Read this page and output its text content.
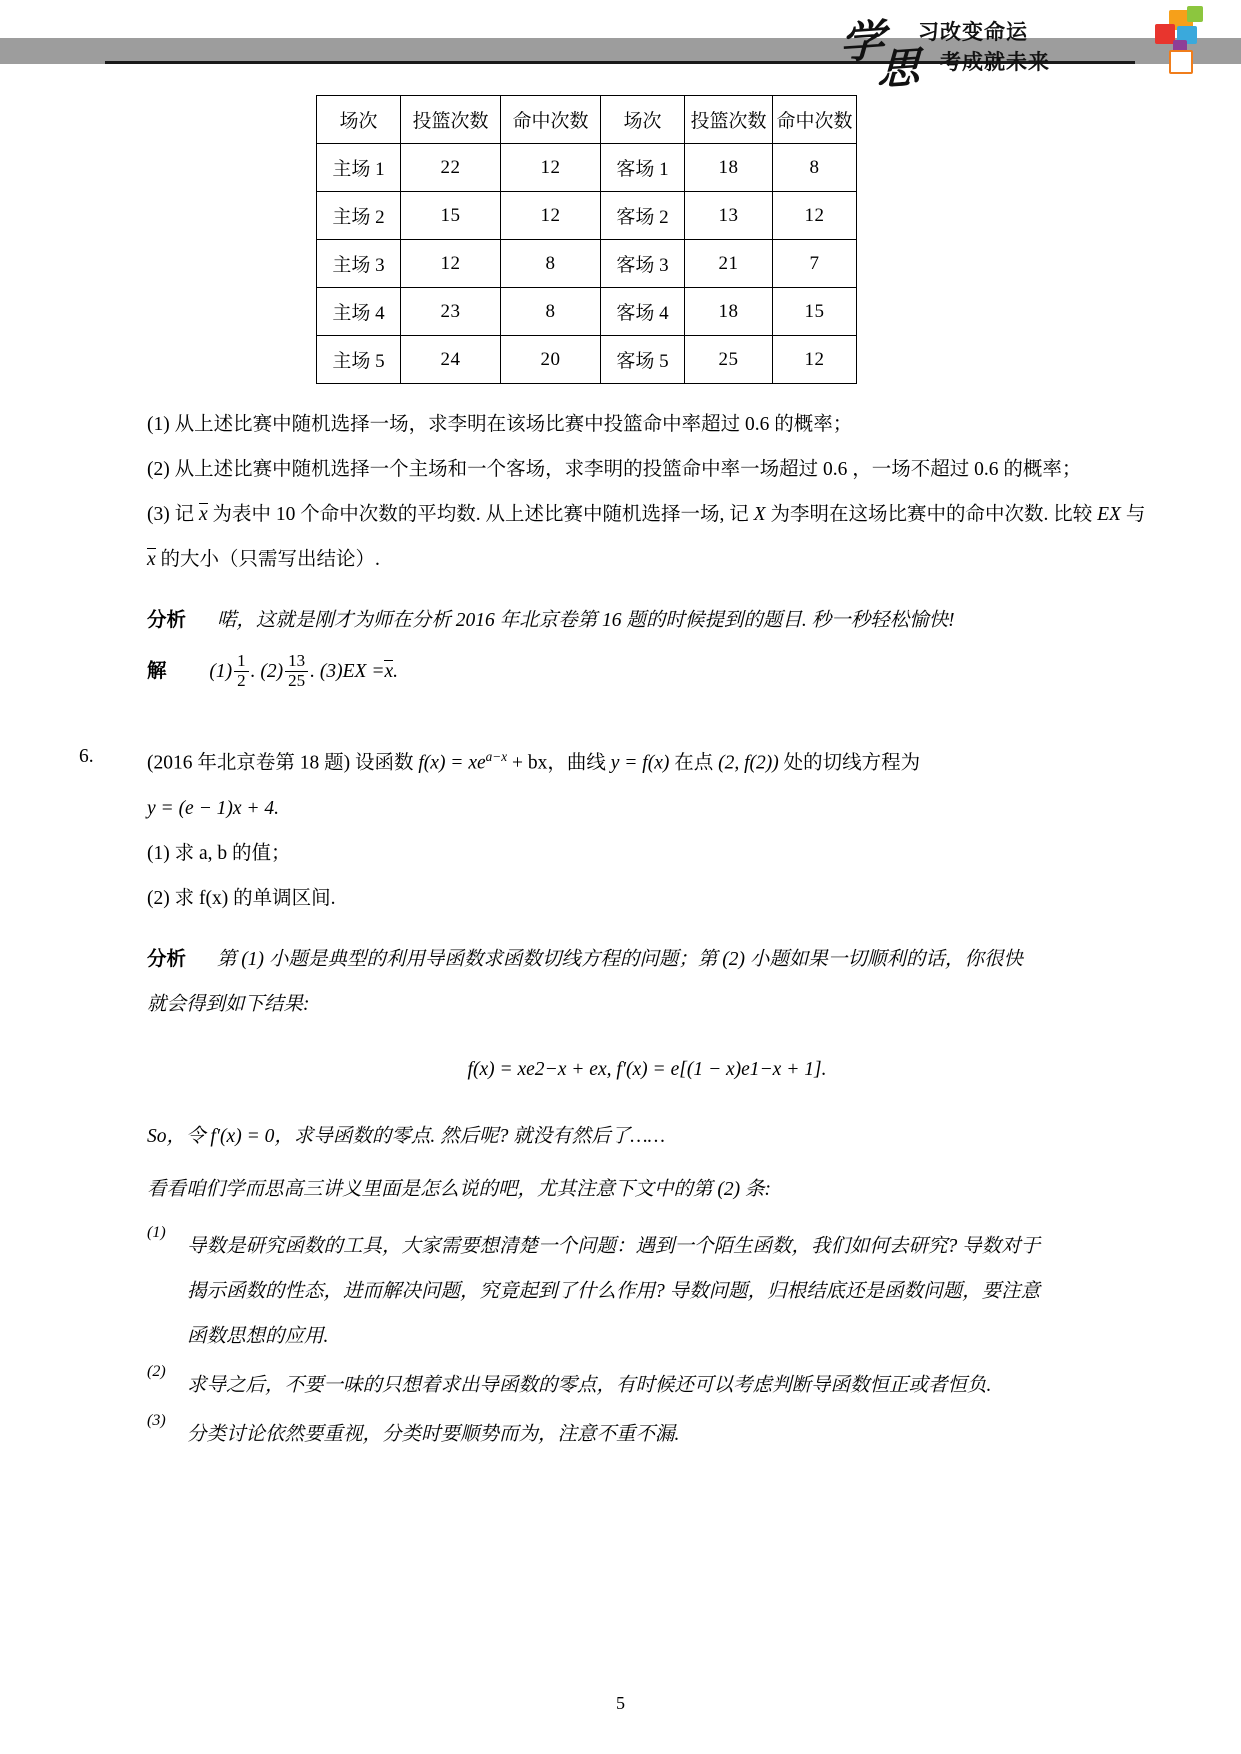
学
思
习改变命运
考成就未来
场次	投篮次数	命中次数	场次	投篮次数	命中次数
主场 1	22	12	客场 1	18	8
主场 2	15	12	客场 2	13	12
主场 3	12	8	客场 3	21	7
主场 4	23	8	客场 4	18	15
主场 5	24	20	客场 5	25	12

(1) 从上述比赛中随机选择一场，求李明在该场比赛中投篮命中率超过 0.6 的概率；

(2) 从上述比赛中随机选择一个主场和一个客场，求李明的投篮命中率一场超过 0.6 ，一场不超过 0.6 的概率；

(3) 记 x 为表中 10 个命中次数的平均数. 从上述比赛中随机选择一场, 记 X 为李明在这场比赛中的命中次数. 比较 EX 与 x 的大小（只需写出结论）.

分析 喏，这就是刚才为师在分析 2016 年北京卷第 16 题的时候提到的题目. 秒一秒轻松愉快!

解 $(1) \frac{1}{2}$ . $(2) \frac{13}{25}$ . (3)EX =x.

6.	(2016 年北京卷第 18 题) 设函数 $f(x) = xe^{a-x}$ + bx，曲线 y = f(x) 在点 (2, f(2)) 处的切线方程为

y = (e − 1)x + 4.

(1) 求 a, b 的值；

(2) 求 f(x) 的单调区间.

分析 第 (1) 小题是典型的利用导函数求函数切线方程的问题；第 (2) 小题如果一切顺利的话，你很快

就会得到如下结果:

f(x) = xe2−x + ex, f′(x) = e[(1 − x)e1−x + 1].

So，令 f′(x) = 0，求导函数的零点. 然后呢? 就没有然后了……

看看咱们学而思高三讲义里面是怎么说的吧，尤其注意下文中的第 (2) 条:

(1)

导数是研究函数的工具，大家需要想清楚一个问题：遇到一个陌生函数，我们如何去研究? 导数对于

揭示函数的性态，进而解决问题，究竟起到了什么作用? 导数问题，归根结底还是函数问题，要注意

函数思想的应用.

(2)

求导之后，不要一味的只想着求出导函数的零点，有时候还可以考虑判断导函数恒正或者恒负.

(3)

分类讨论依然要重视，分类时要顺势而为，注意不重不漏.

5
